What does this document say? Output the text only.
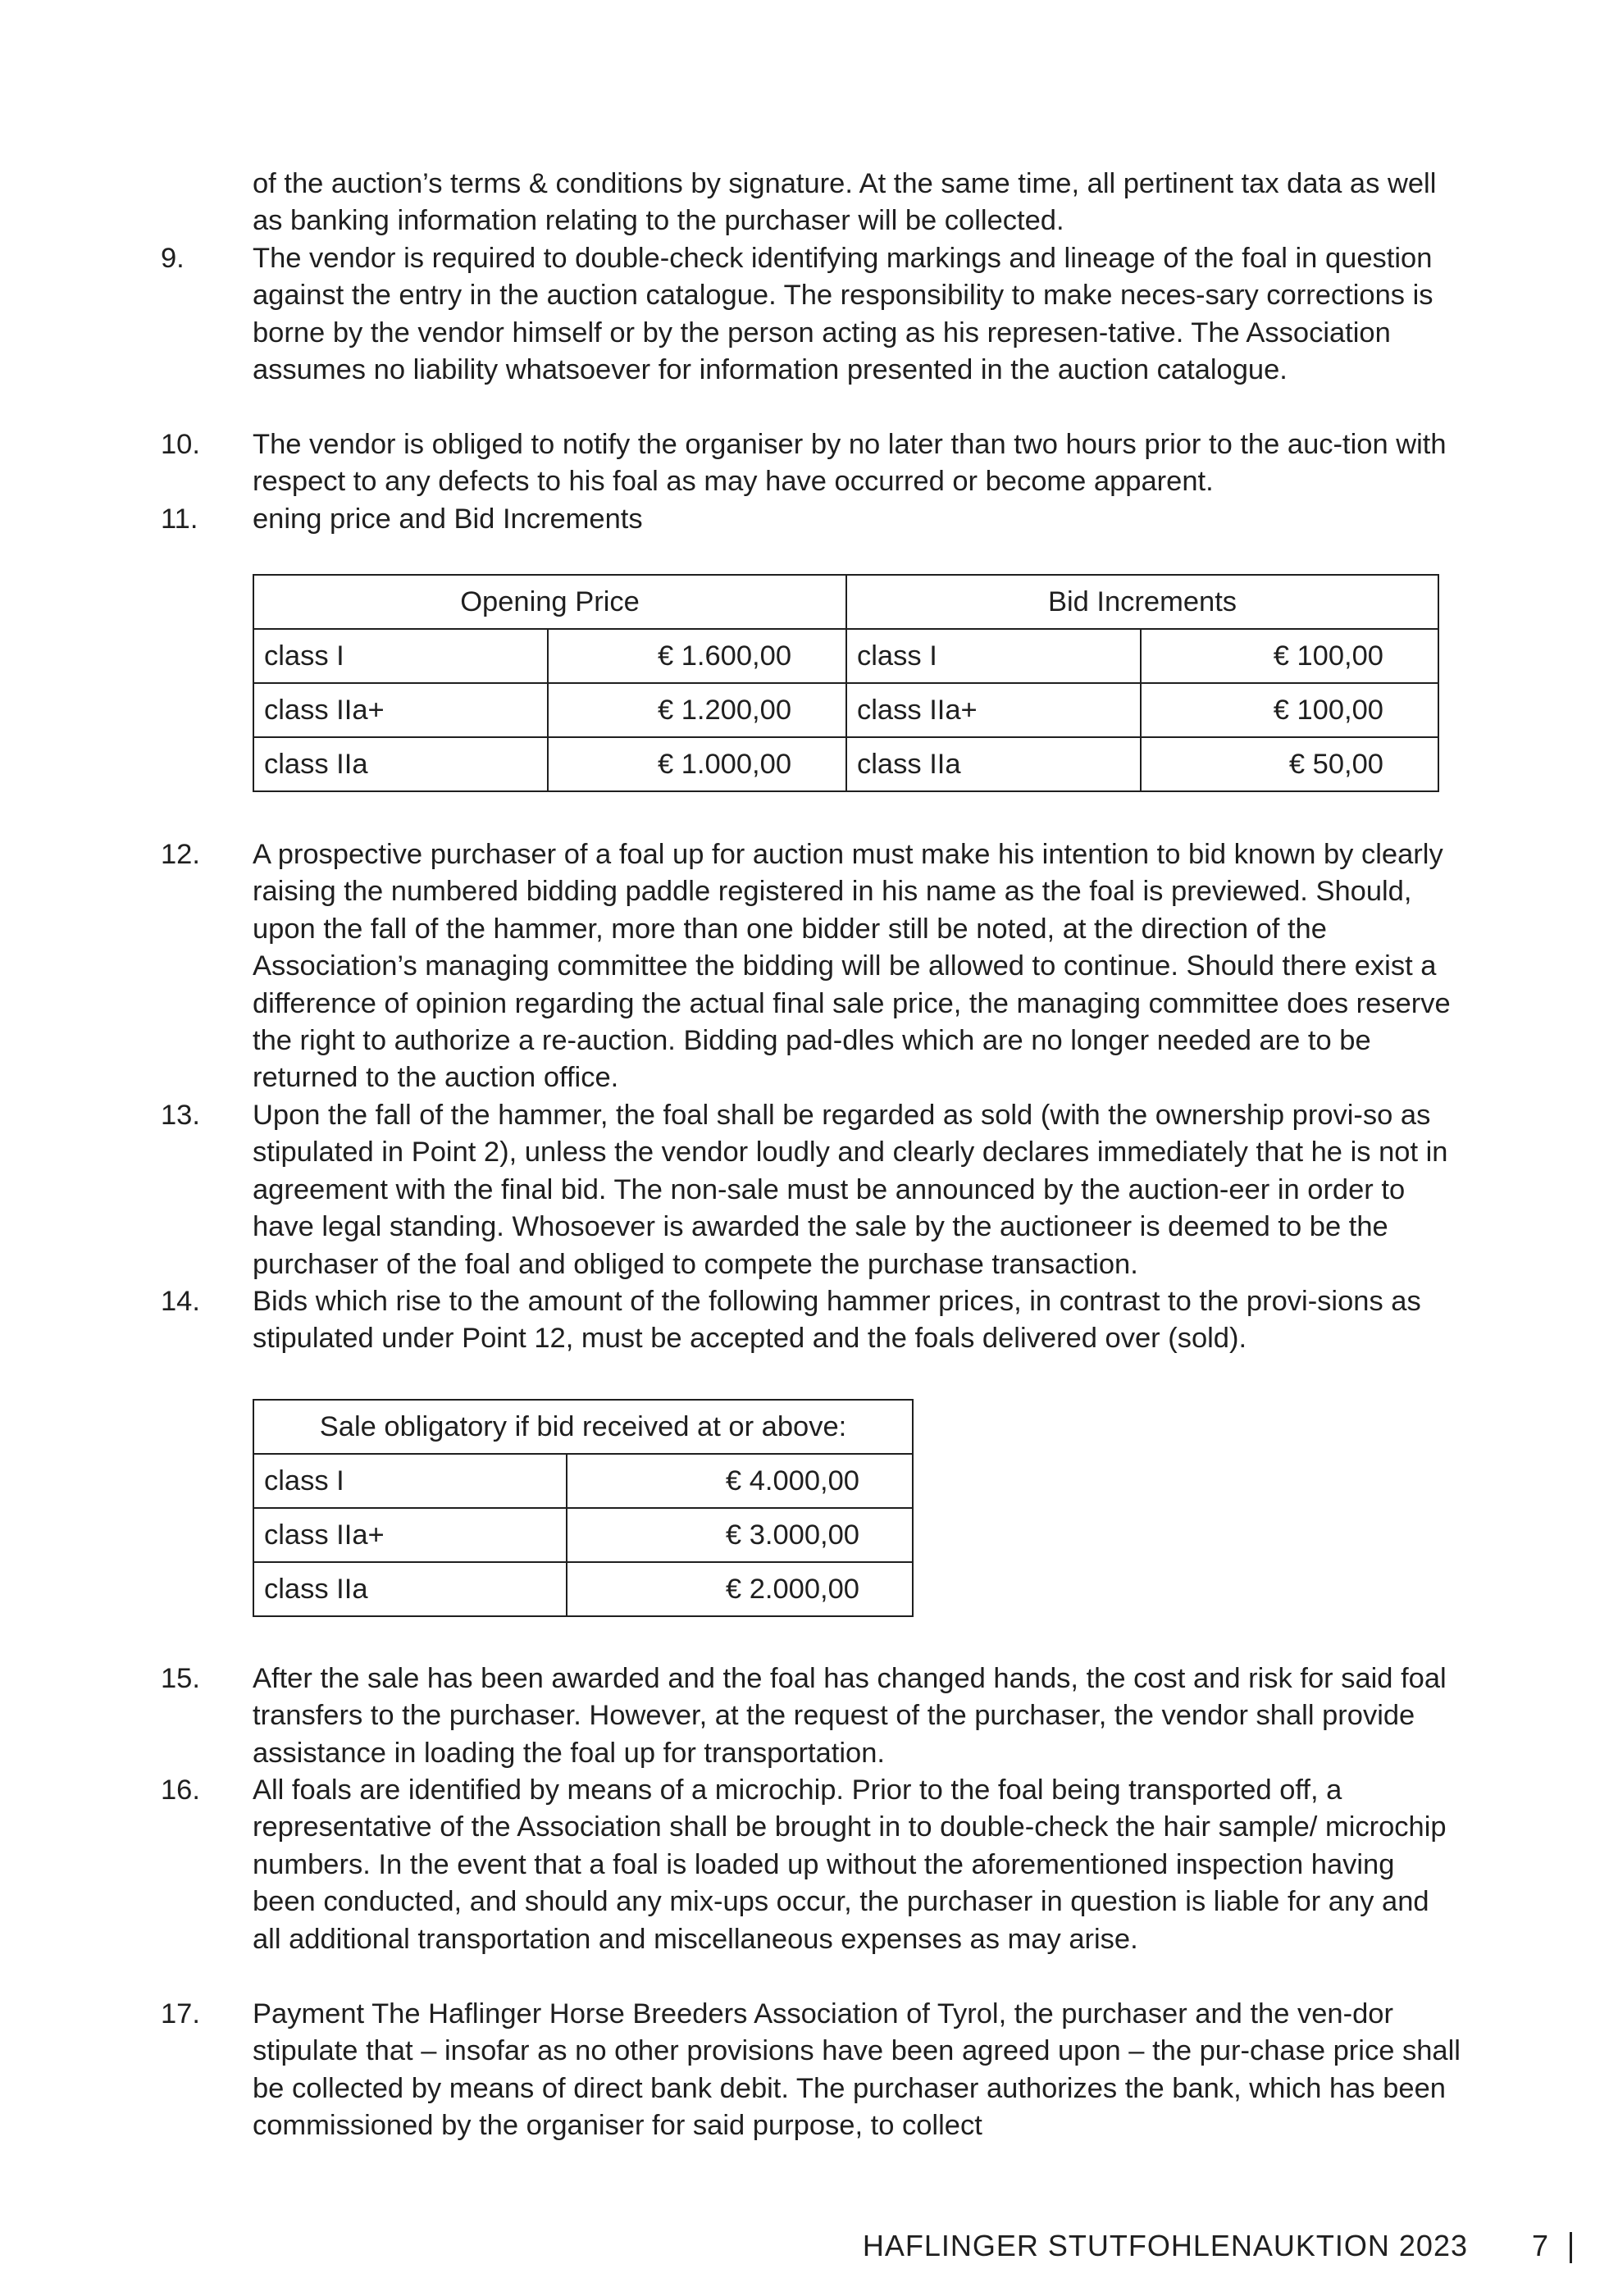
of the auction’s terms & conditions by signature. At the same time, all pertinent tax data as well as banking information relating to the purchaser will be collected.

9. The vendor is required to double-check identifying markings and lineage of the foal in question against the entry in the auction catalogue. The responsibility to make neces-sary corrections is borne by the vendor himself or by the person acting as his represen-tative. The Association assumes no liability whatsoever for information presented in the auction catalogue.

10. The vendor is obliged to notify the organiser by no later than two hours prior to the auc-tion with respect to any defects to his foal as may have occurred or become apparent.

11. ening price and Bid Increments

Opening Price		Bid Increments	
class I	€ 1.600,00	class I	€ 100,00
class IIa+	€ 1.200,00	class IIa+	€ 100,00
class IIa	€ 1.000,00	class IIa	€ 50,00

12. A prospective purchaser of a foal up for auction must make his intention to bid known by clearly raising the numbered bidding paddle registered in his name as the foal is previewed. Should, upon the fall of the hammer, more than one bidder still be noted, at the direction of the Association’s managing committee the bidding will be allowed to continue. Should there exist a difference of opinion regarding the actual final sale price, the managing committee does reserve the right to authorize a re-auction. Bidding pad-dles which are no longer needed are to be returned to the auction office.

13. Upon the fall of the hammer, the foal shall be regarded as sold (with the ownership provi-so as stipulated in Point 2), unless the vendor loudly and clearly declares immediately that he is not in agreement with the final bid. The non-sale must be announced by the auction-eer in order to have legal standing. Whosoever is awarded the sale by the auctioneer is deemed to be the purchaser of the foal and obliged to compete the purchase transaction.

14. Bids which rise to the amount of the following hammer prices, in contrast to the provi-sions as stipulated under Point 12, must be accepted and the foals delivered over (sold).

Sale obligatory if bid received at or above:	
class I	€ 4.000,00
class IIa+	€ 3.000,00
class IIa	€ 2.000,00

15. After the sale has been awarded and the foal has changed hands, the cost and risk for said foal transfers to the purchaser. However, at the request of the purchaser, the vendor shall provide assistance in loading the foal up for transportation.

16. All foals are identified by means of a microchip. Prior to the foal being transported off, a representative of the Association shall be brought in to double-check the hair sample/ microchip numbers. In the event that a foal is loaded up without the aforementioned inspection having been conducted, and should any mix-ups occur, the purchaser in question is liable for any and all additional transportation and miscellaneous expenses as may arise.

17. Payment The Haflinger Horse Breeders Association of Tyrol, the purchaser and the ven-dor stipulate that – insofar as no other provisions have been agreed upon – the pur-chase price shall be collected by means of direct bank debit. The purchaser authorizes the bank, which has been commissioned by the organiser for said purpose, to collect

HAFLINGER STUTFOHLENAUKTION 2023 7
